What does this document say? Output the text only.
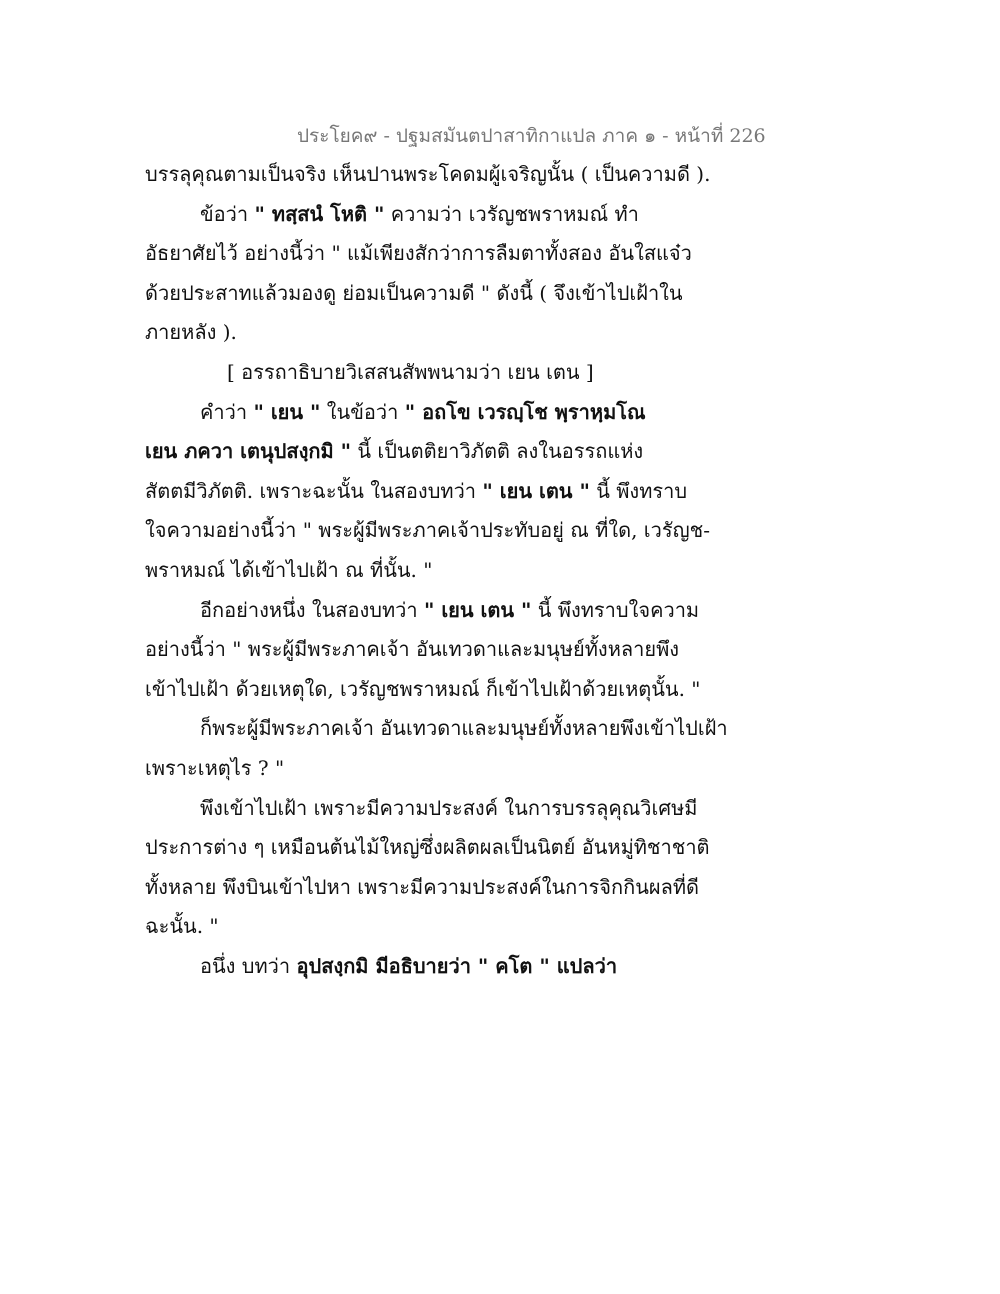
ประโยค๙ - ปฐมสมันตปาสาทิกาแปล ภาค ๑ - หน้าที่ 226
บรรลุคุณตามเป็นจริง เห็นปานพระโคดมผู้เจริญนั้น ( เป็นความดี ).
ข้อว่า " ทสฺสนํ โหติ " ความว่า เวรัญชพราหมณ์ ทำ
อัธยาศัยไว้ อย่างนี้ว่า " แม้เพียงสักว่าการลืมตาทั้งสอง อันใสแจ๋ว
ด้วยประสาทแล้วมองดู ย่อมเป็นความดี " ดังนี้ ( จึงเข้าไปเฝ้าใน
ภายหลัง ).
[ อรรถาธิบายวิเสสนสัพพนามว่า เยน เตน ]
คำว่า " เยน " ในข้อว่า " อถโข เวรญฺโช พฺราหฺมโณ
เยน ภควา เตนุปสงฺกมิ " นี้ เป็นตติยาวิภัตติ ลงในอรรถแห่ง
สัตตมีวิภัตติ. เพราะฉะนั้น ในสองบทว่า " เยน เตน " นี้ พึงทราบ
ใจความอย่างนี้ว่า " พระผู้มีพระภาคเจ้าประทับอยู่ ณ ที่ใด, เวรัญช-
พราหมณ์ ได้เข้าไปเฝ้า ณ ที่นั้น. "
อีกอย่างหนึ่ง ในสองบทว่า " เยน เตน " นี้ พึงทราบใจความ
อย่างนี้ว่า " พระผู้มีพระภาคเจ้า อันเทวดาและมนุษย์ทั้งหลายพึง
เข้าไปเฝ้า ด้วยเหตุใด, เวรัญชพราหมณ์ ก็เข้าไปเฝ้าด้วยเหตุนั้น. "
ก็พระผู้มีพระภาคเจ้า อันเทวดาและมนุษย์ทั้งหลายพึงเข้าไปเฝ้า
เพราะเหตุไร ? "
พึงเข้าไปเฝ้า เพราะมีความประสงค์ ในการบรรลุคุณวิเศษมี
ประการต่าง ๆ เหมือนต้นไม้ใหญ่ซึ่งผลิตผลเป็นนิตย์ อันหมู่ทิชาชาติ
ทั้งหลาย พึงบินเข้าไปหา เพราะมีความประสงค์ในการจิกกินผลที่ดี
ฉะนั้น. "
อนึ่ง บทว่า อุปสงฺกมิ มีอธิบายว่า " คโต " แปลว่า
